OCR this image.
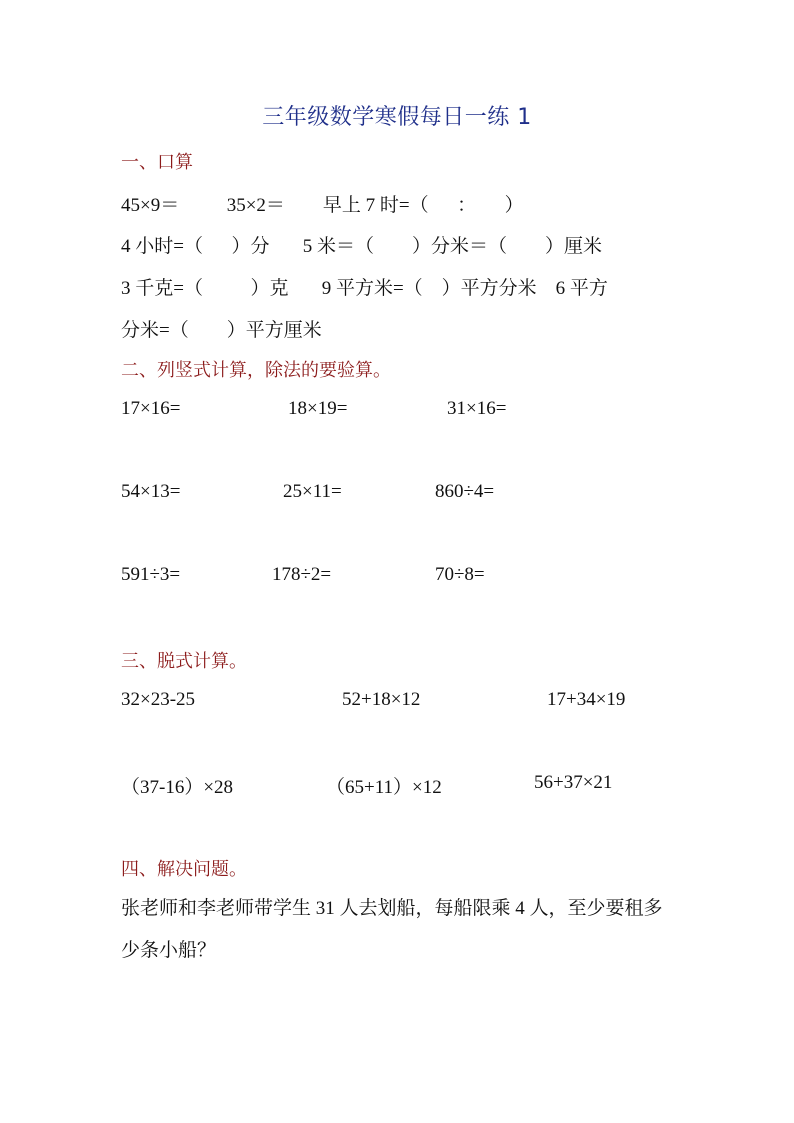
三年级数学寒假每日一练 1
一、口算
45×9＝          35×2＝        早上 7 时=（      ：      ）
4 小时=（      ）分       5 米＝（        ）分米＝（        ）厘米
3 千克=（          ）克       9 平方米=（    ）平方分米    6 平方
分米=（        ）平方厘米
二、列竖式计算，除法的要验算。
17×16=	18×19=	31×16=
54×13=	25×11=	860÷4=
591÷3=	178÷2=	70÷8=
三、脱式计算。
32×23-25	52+18×12	17+34×19
（37-16）×28	（65+11）×12	56+37×21
四、解决问题。
张老师和李老师带学生 31 人去划船，每船限乘 4 人，至少要租多少条小船？
